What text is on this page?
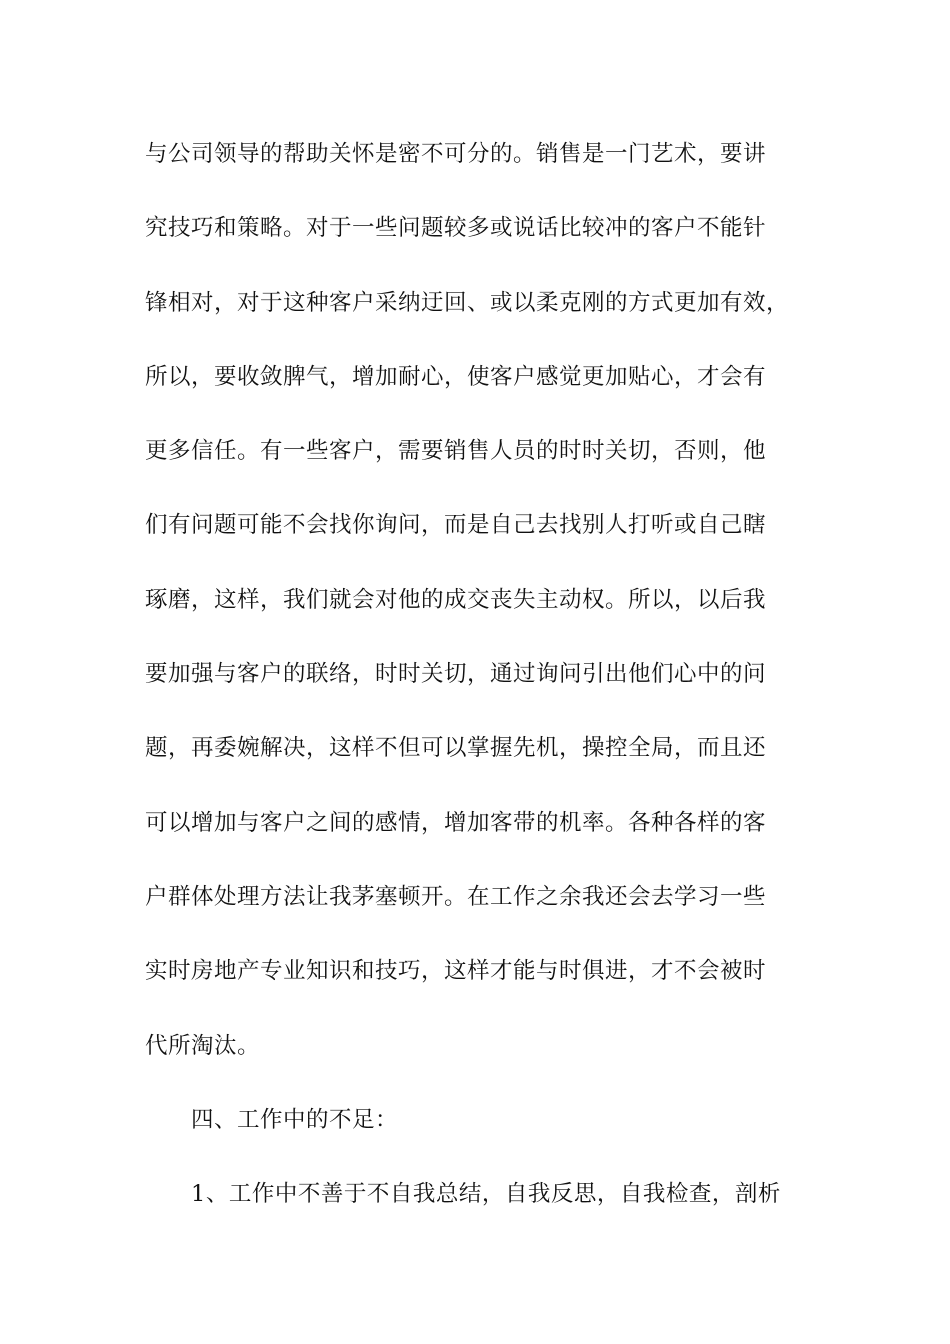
与公司领导的帮助关怀是密不可分的。销售是一门艺术，要讲
究技巧和策略。对于一些问题较多或说话比较冲的客户不能针
锋相对，对于这种客户采纳迂回、或以柔克刚的方式更加有效，
所以，要收敛脾气，增加耐心，使客户感觉更加贴心，才会有
更多信任。有一些客户，需要销售人员的时时关切，否则，他
们有问题可能不会找你询问，而是自己去找别人打听或自己瞎
琢磨，这样，我们就会对他的成交丧失主动权。所以，以后我
要加强与客户的联络，时时关切，通过询问引出他们心中的问
题，再委婉解决，这样不但可以掌握先机，操控全局，而且还
可以增加与客户之间的感情，增加客带的机率。各种各样的客
户群体处理方法让我茅塞顿开。在工作之余我还会去学习一些
实时房地产专业知识和技巧，这样才能与时俱进，才不会被时
代所淘汰。
四、工作中的不足：
1、工作中不善于不自我总结，自我反思，自我检查，剖析
